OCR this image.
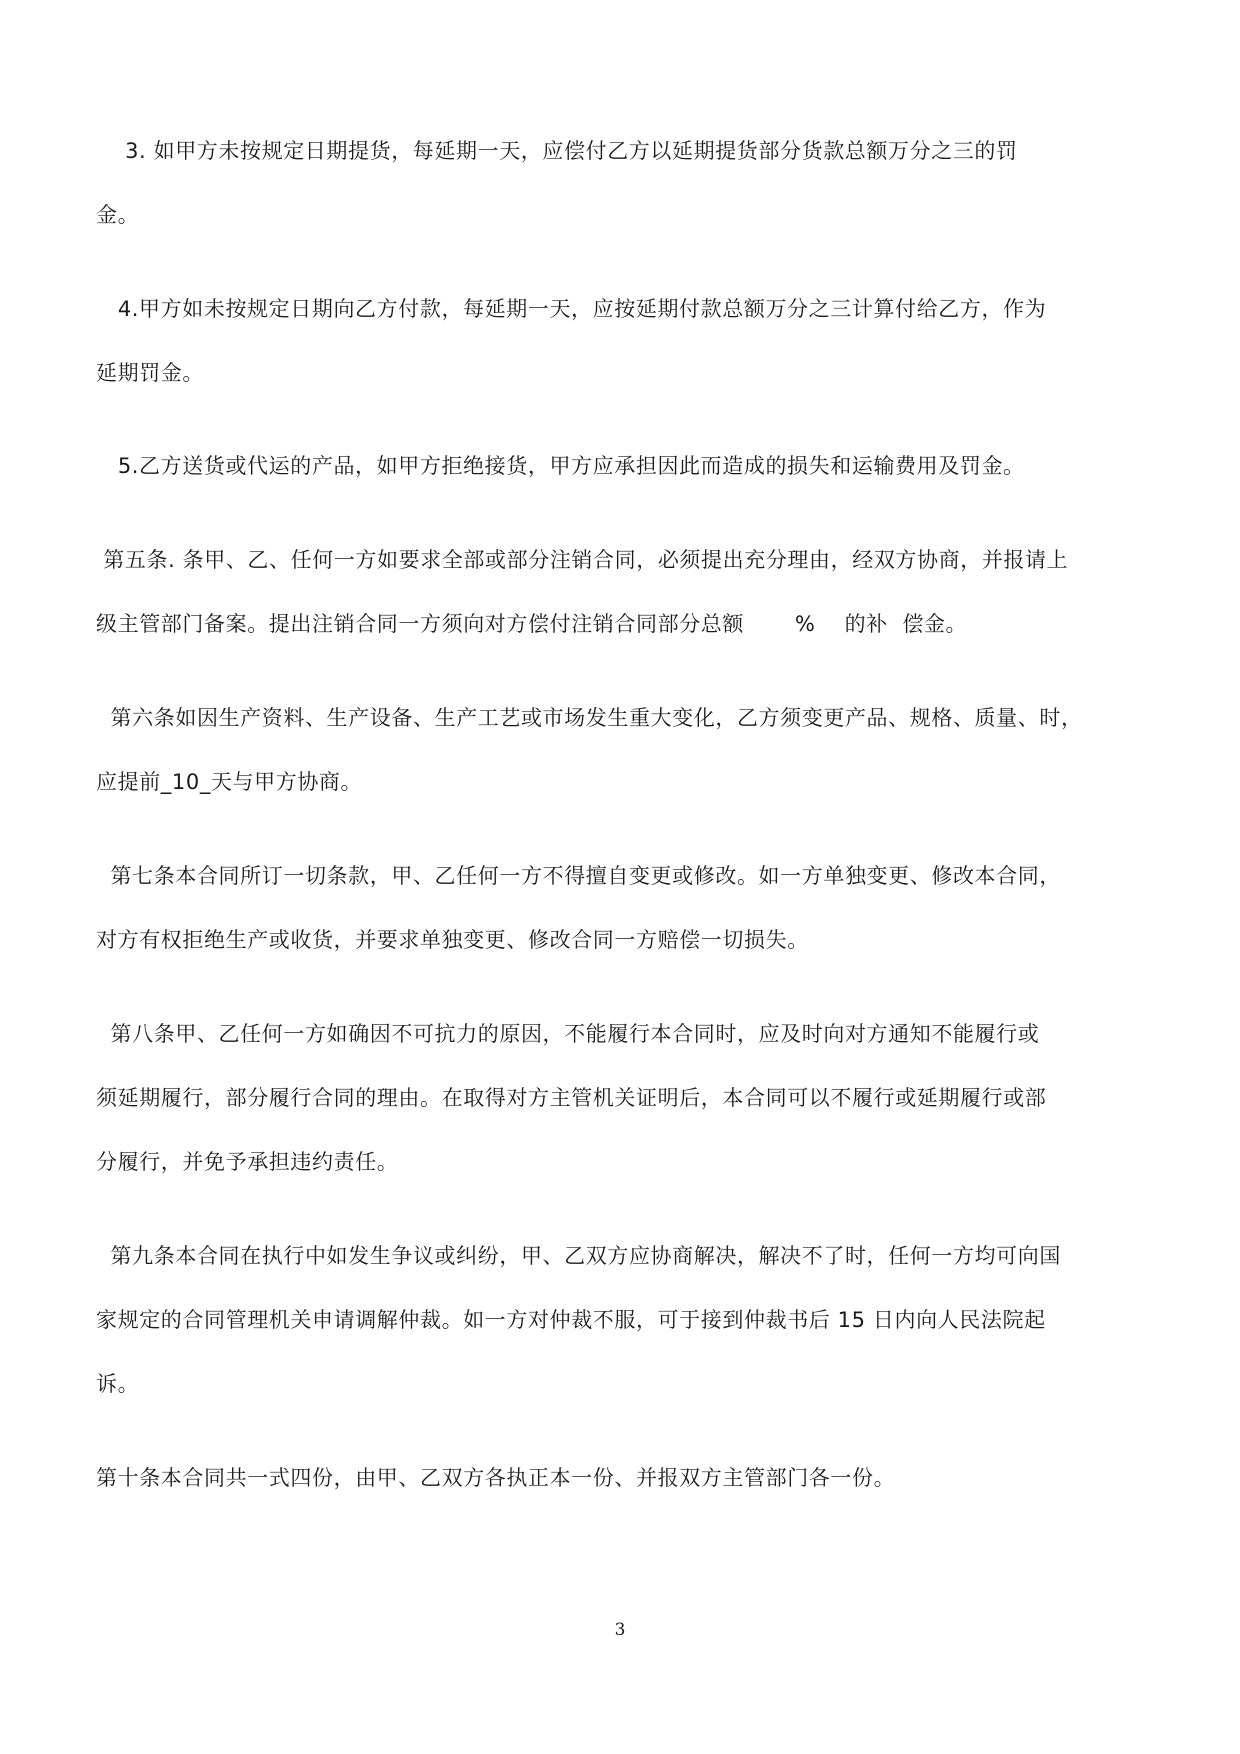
3. 如甲方未按规定日期提货，每延期一天，应偿付乙方以延期提货部分货款总额万分之三的罚
金。
4.甲方如未按规定日期向乙方付款，每延期一天，应按延期付款总额万分之三计算付给乙方，作为
延期罚金。
5.乙方送货或代运的产品，如甲方拒绝接货，甲方应承担因此而造成的损失和运输费用及罚金。
第五条. 条甲、乙、任何一方如要求全部或部分注销合同，必须提出充分理由，经双方协商，并报请上
级主管部门备案。提出注销合同一方须向对方偿付注销合同部分总额       %    的补  偿金。
第六条如因生产资料、生产设备、生产工艺或市场发生重大变化，乙方须变更产品、规格、质量、时，
应提前_10_天与甲方协商。
第七条本合同所订一切条款，甲、乙任何一方不得擅自变更或修改。如一方单独变更、修改本合同，
对方有权拒绝生产或收货，并要求单独变更、修改合同一方赔偿一切损失。
第八条甲、乙任何一方如确因不可抗力的原因，不能履行本合同时，应及时向对方通知不能履行或
须延期履行，部分履行合同的理由。在取得对方主管机关证明后，本合同可以不履行或延期履行或部
分履行，并免予承担违约责任。
第九条本合同在执行中如发生争议或纠纷，甲、乙双方应协商解决，解决不了时，任何一方均可向国
家规定的合同管理机关申请调解仲裁。如一方对仲裁不服，可于接到仲裁书后 15 日内向人民法院起
诉。
第十条本合同共一式四份，由甲、乙双方各执正本一份、并报双方主管部门各一份。
3
